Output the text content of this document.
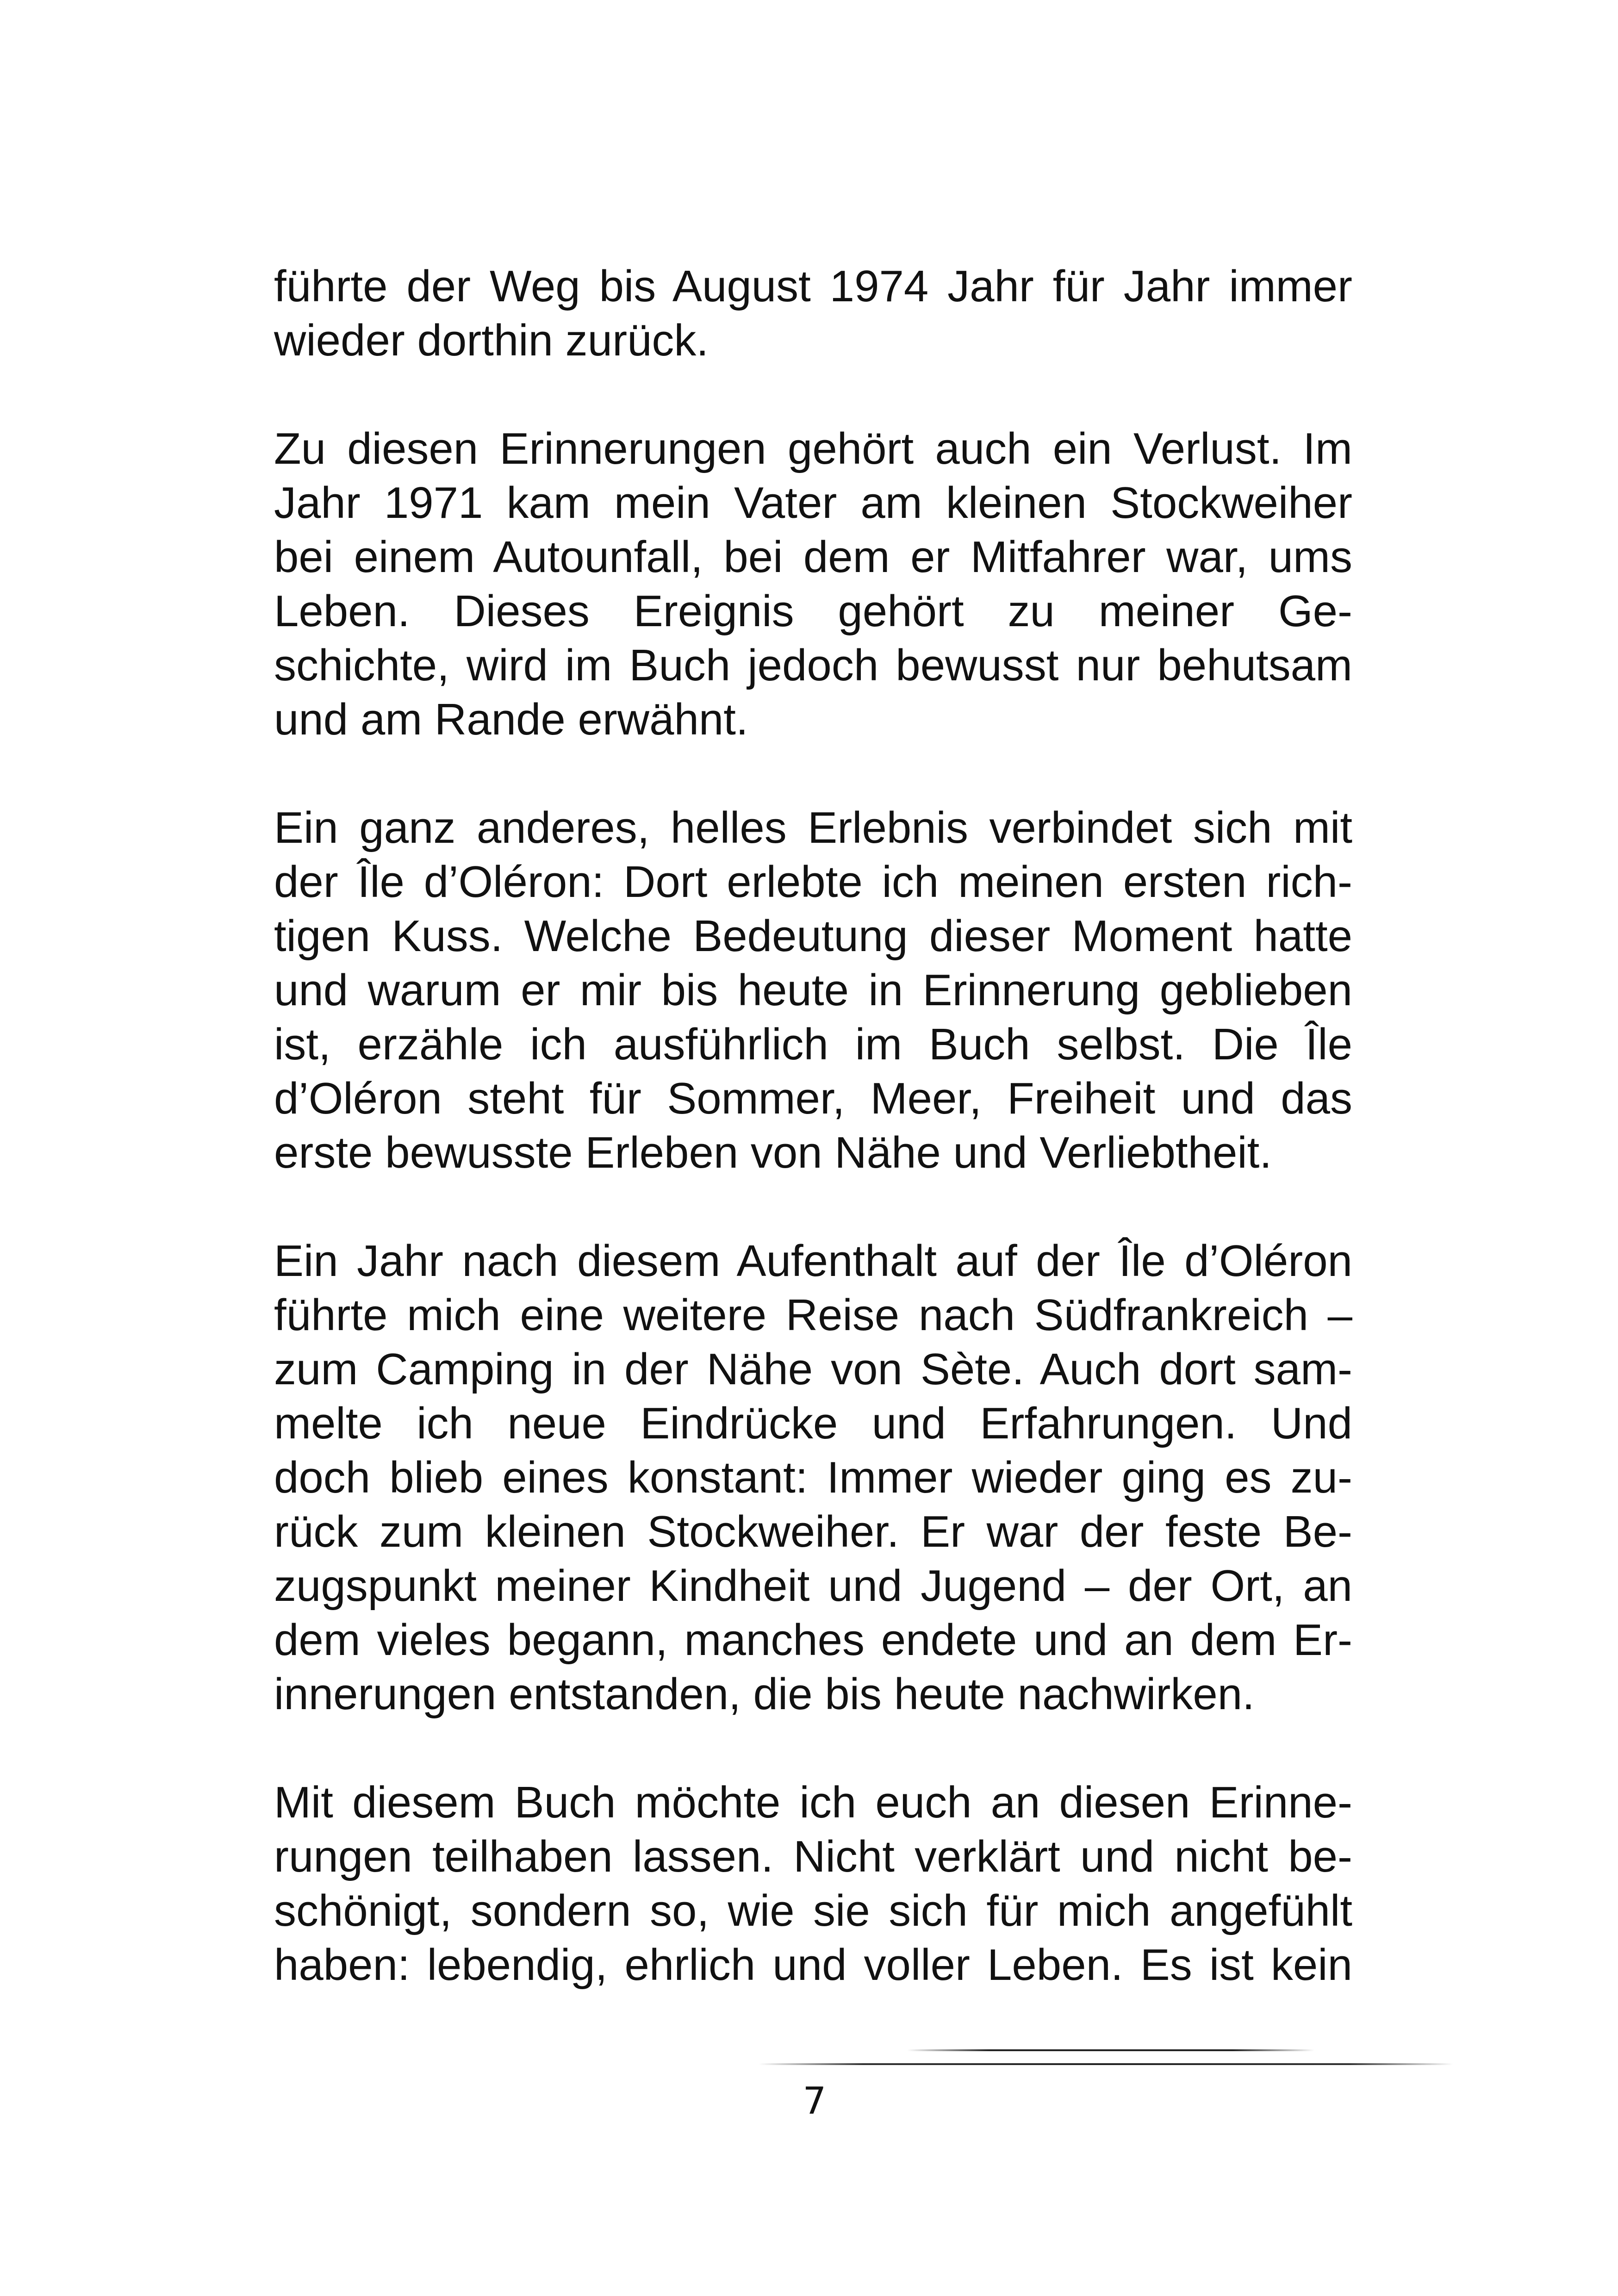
führte der Weg bis August 1974 Jahr für Jahr immer
wieder dorthin zurück.

Zu diesen Erinnerungen gehört auch ein Verlust. Im
Jahr 1971 kam mein Vater am kleinen Stockweiher
bei einem Autounfall, bei dem er Mitfahrer war, ums
Leben. Dieses Ereignis gehört zu meiner Ge-
schichte, wird im Buch jedoch bewusst nur behutsam
und am Rande erwähnt.

Ein ganz anderes, helles Erlebnis verbindet sich mit
der Île d’Oléron: Dort erlebte ich meinen ersten rich-
tigen Kuss. Welche Bedeutung dieser Moment hatte
und warum er mir bis heute in Erinnerung geblieben
ist, erzähle ich ausführlich im Buch selbst. Die Île
d’Oléron steht für Sommer, Meer, Freiheit und das
erste bewusste Erleben von Nähe und Verliebtheit.

Ein Jahr nach diesem Aufenthalt auf der Île d’Oléron
führte mich eine weitere Reise nach Südfrankreich –
zum Camping in der Nähe von Sète. Auch dort sam-
melte ich neue Eindrücke und Erfahrungen. Und
doch blieb eines konstant: Immer wieder ging es zu-
rück zum kleinen Stockweiher. Er war der feste Be-
zugspunkt meiner Kindheit und Jugend – der Ort, an
dem vieles begann, manches endete und an dem Er-
innerungen entstanden, die bis heute nachwirken.

Mit diesem Buch möchte ich euch an diesen Erinne-
rungen teilhaben lassen. Nicht verklärt und nicht be-
schönigt, sondern so, wie sie sich für mich angefühlt
haben: lebendig, ehrlich und voller Leben. Es ist kein

7
